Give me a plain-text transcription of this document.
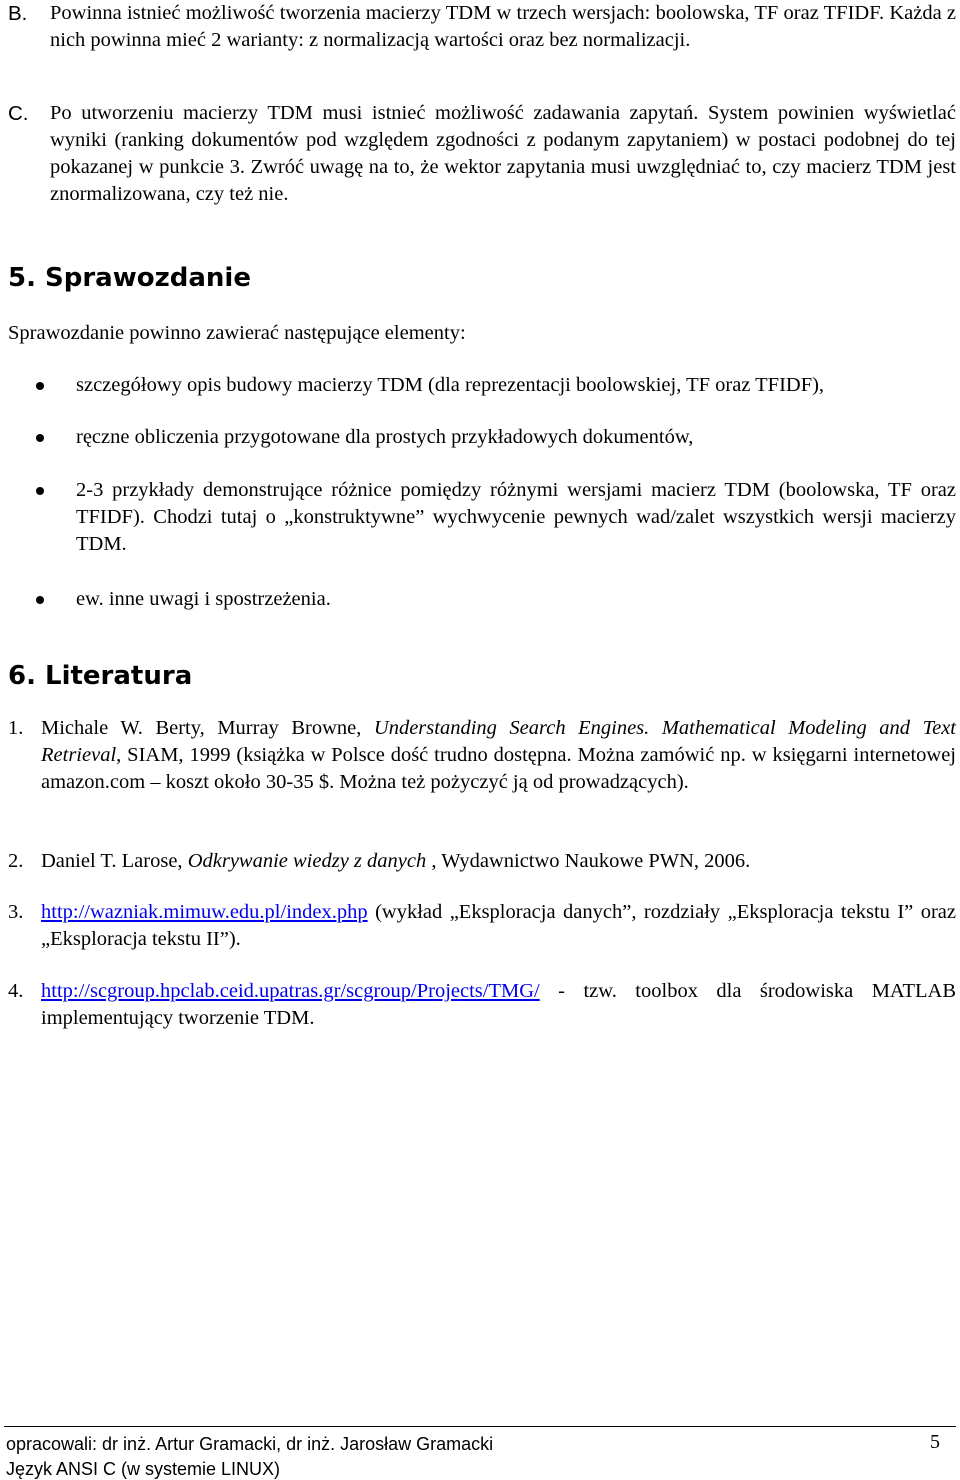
B. Powinna istnieć możliwość tworzenia macierzy TDM w trzech wersjach: boolowska, TF oraz TFIDF. Każda z nich powinna mieć 2 warianty: z normalizacją wartości oraz bez normalizacji.
C. Po utworzeniu macierzy TDM musi istnieć możliwość zadawania zapytań. System powinien wyświetlać wyniki (ranking dokumentów pod względem zgodności z podanym zapytaniem) w postaci podobnej do tej pokazanej w punkcie 3. Zwróć uwagę na to, że wektor zapytania musi uwzględniać to, czy macierz TDM jest znormalizowana, czy też nie.
5. Sprawozdanie
Sprawozdanie powinno zawierać następujące elementy:
szczegółowy opis budowy macierzy TDM (dla reprezentacji boolowskiej, TF oraz TFIDF),
ręczne obliczenia przygotowane dla prostych przykładowych dokumentów,
2-3 przykłady demonstrujące różnice pomiędzy różnymi wersjami macierz TDM (boolowska, TF oraz TFIDF). Chodzi tutaj o „konstruktywne” wychwycenie pewnych wad/zalet wszystkich wersji macierzy TDM.
ew. inne uwagi i spostrzeżenia.
6. Literatura
1. Michale W. Berty, Murray Browne, Understanding Search Engines. Mathematical Modeling and Text Retrieval, SIAM, 1999 (książka w Polsce dość trudno dostępna. Można zamówić np. w księgarni internetowej amazon.com – koszt około 30-35 $. Można też pożyczyć ją od prowadzących).
2. Daniel T. Larose, Odkrywanie wiedzy z danych , Wydawnictwo Naukowe PWN, 2006.
3. http://wazniak.mimuw.edu.pl/index.php (wykład „Eksploracja danych”, rozdziały „Eksploracja tekstu I” oraz „Eksploracja tekstu II”).
4. http://scgroup.hpclab.ceid.upatras.gr/scgroup/Projects/TMG/ - tzw. toolbox dla środowiska MATLAB implementujący tworzenie TDM.
opracowali: dr inż. Artur Gramacki, dr inż. Jarosław Gramacki
Język ANSI C (w systemie LINUX)
5
